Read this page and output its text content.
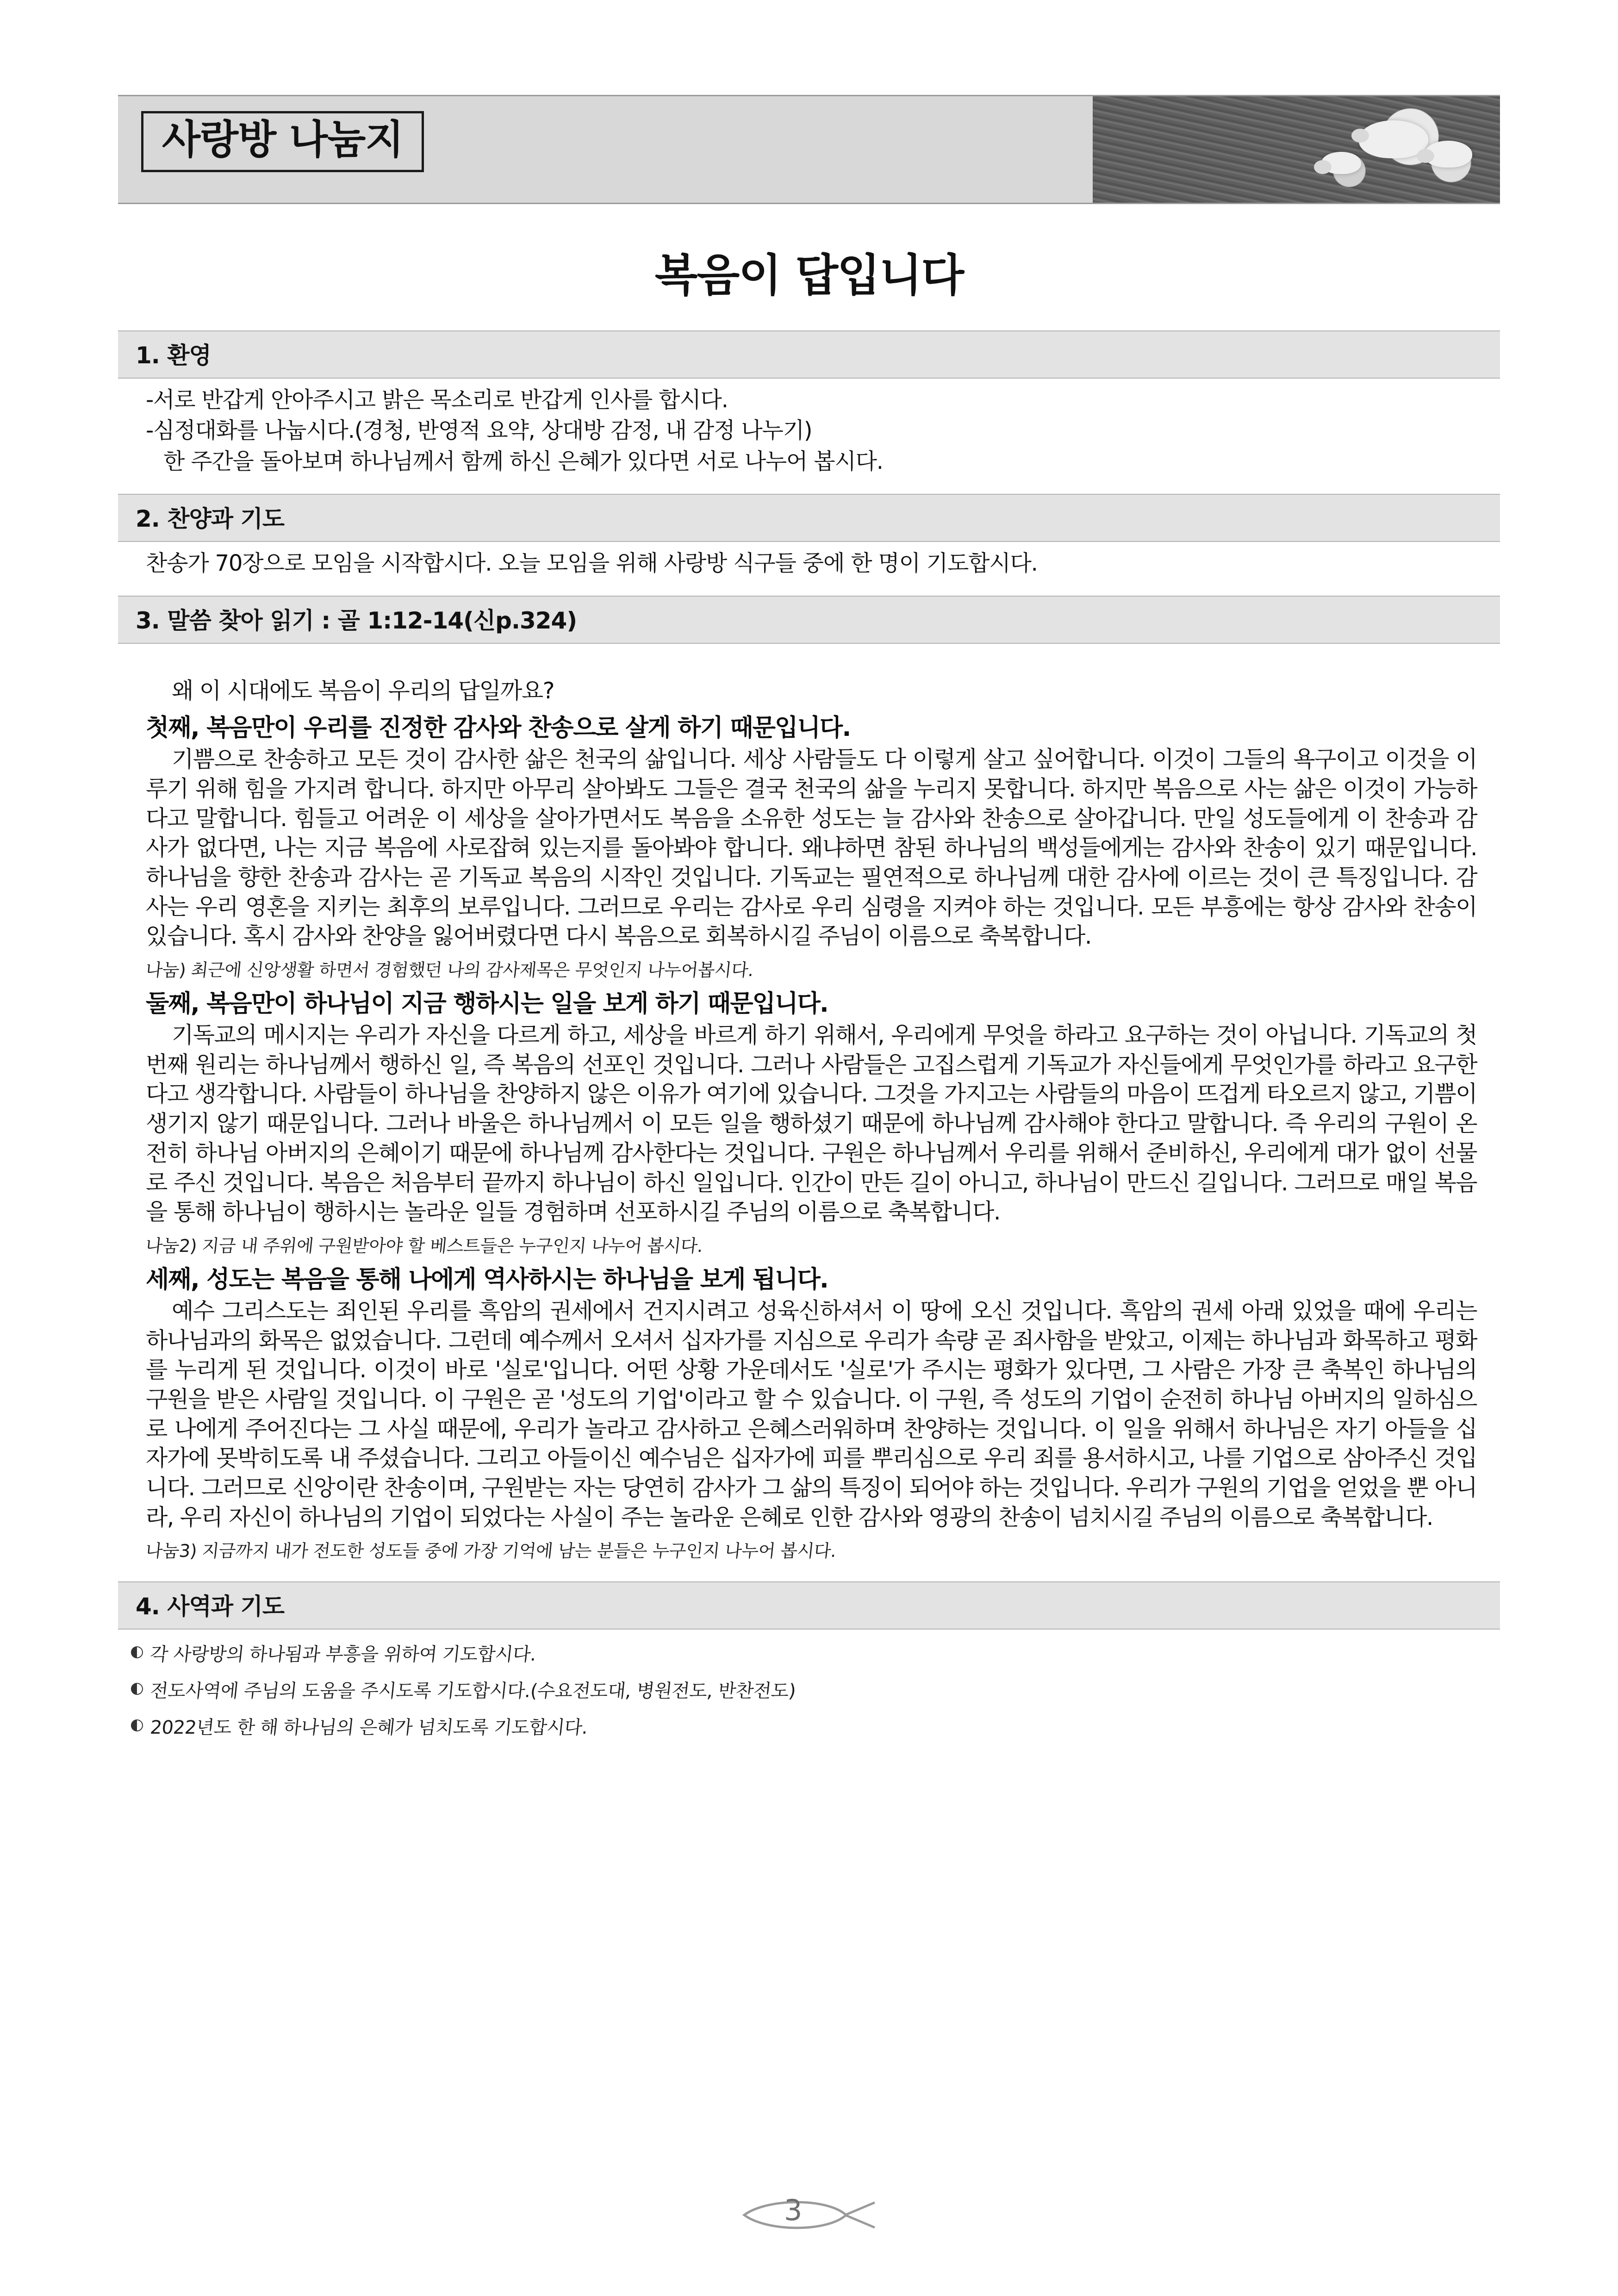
사랑방 나눔지
복음이 답입니다
1. 환영

-서로 반갑게 안아주시고 밝은 목소리로 반갑게 인사를 합시다.

-심정대화를 나눕시다.(경청, 반영적 요약, 상대방 감정, 내 감정 나누기)

한 주간을 돌아보며 하나님께서 함께 하신 은혜가 있다면 서로 나누어 봅시다.

2. 찬양과 기도

찬송가 70장으로 모임을 시작합시다. 오늘 모임을 위해 사랑방 식구들 중에 한 명이 기도합시다.

3. 말씀 찾아 읽기 : 골 1:12-14(신p.324)

왜 이 시대에도 복음이 우리의 답일까요?

첫째, 복음만이 우리를 진정한 감사와 찬송으로 살게 하기 때문입니다.

기쁨으로 찬송하고 모든 것이 감사한 삶은 천국의 삶입니다. 세상 사람들도 다 이렇게 살고 싶어합니다. 이것이 그들의 욕구이고 이것을 이루기 위해 힘을 가지려 합니다. 하지만 아무리 살아봐도 그들은 결국 천국의 삶을 누리지 못합니다. 하지만 복음으로 사는 삶은 이것이 가능하다고 말합니다. 힘들고 어려운 이 세상을 살아가면서도 복음을 소유한 성도는 늘 감사와 찬송으로 살아갑니다. 만일 성도들에게 이 찬송과 감사가 없다면, 나는 지금 복음에 사로잡혀 있는지를 돌아봐야 합니다. 왜냐하면 참된 하나님의 백성들에게는 감사와 찬송이 있기 때문입니다. 하나님을 향한 찬송과 감사는 곧 기독교 복음의 시작인 것입니다. 기독교는 필연적으로 하나님께 대한 감사에 이르는 것이 큰 특징입니다. 감사는 우리 영혼을 지키는 최후의 보루입니다. 그러므로 우리는 감사로 우리 심령을 지켜야 하는 것입니다. 모든 부흥에는 항상 감사와 찬송이 있습니다. 혹시 감사와 찬양을 잃어버렸다면 다시 복음으로 회복하시길 주님이 이름으로 축복합니다.

나눔) 최근에 신앙생활 하면서 경험했던 나의 감사제목은 무엇인지 나누어봅시다.

둘째, 복음만이 하나님이 지금 행하시는 일을 보게 하기 때문입니다.

기독교의 메시지는 우리가 자신을 다르게 하고, 세상을 바르게 하기 위해서, 우리에게 무엇을 하라고 요구하는 것이 아닙니다. 기독교의 첫 번째 원리는 하나님께서 행하신 일, 즉 복음의 선포인 것입니다. 그러나 사람들은 고집스럽게 기독교가 자신들에게 무엇인가를 하라고 요구한다고 생각합니다. 사람들이 하나님을 찬양하지 않은 이유가 여기에 있습니다. 그것을 가지고는 사람들의 마음이 뜨겁게 타오르지 않고, 기쁨이 생기지 않기 때문입니다. 그러나 바울은 하나님께서 이 모든 일을 행하셨기 때문에 하나님께 감사해야 한다고 말합니다. 즉 우리의 구원이 온전히 하나님 아버지의 은혜이기 때문에 하나님께 감사한다는 것입니다. 구원은 하나님께서 우리를 위해서 준비하신, 우리에게 대가 없이 선물로 주신 것입니다. 복음은 처음부터 끝까지 하나님이 하신 일입니다. 인간이 만든 길이 아니고, 하나님이 만드신 길입니다. 그러므로 매일 복음을 통해 하나님이 행하시는 놀라운 일들 경험하며 선포하시길 주님의 이름으로 축복합니다.

나눔2) 지금 내 주위에 구원받아야 할 베스트들은 누구인지 나누어 봅시다.

세째, 성도는 복음을 통해 나에게 역사하시는 하나님을 보게 됩니다.

예수 그리스도는 죄인된 우리를 흑암의 권세에서 건지시려고 성육신하셔서 이 땅에 오신 것입니다. 흑암의 권세 아래 있었을 때에 우리는 하나님과의 화목은 없었습니다. 그런데 예수께서 오셔서 십자가를 지심으로 우리가 속량 곧 죄사함을 받았고, 이제는 하나님과 화목하고 평화를 누리게 된 것입니다. 이것이 바로 '실로'입니다. 어떤 상황 가운데서도 '실로'가 주시는 평화가 있다면, 그 사람은 가장 큰 축복인 하나님의 구원을 받은 사람일 것입니다. 이 구원은 곧 '성도의 기업'이라고 할 수 있습니다. 이 구원, 즉 성도의 기업이 순전히 하나님 아버지의 일하심으로 나에게 주어진다는 그 사실 때문에, 우리가 놀라고 감사하고 은혜스러워하며 찬양하는 것입니다. 이 일을 위해서 하나님은 자기 아들을 십자가에 못박히도록 내 주셨습니다. 그리고 아들이신 예수님은 십자가에 피를 뿌리심으로 우리 죄를 용서하시고, 나를 기업으로 삼아주신 것입니다. 그러므로 신앙이란 찬송이며, 구원받는 자는 당연히 감사가 그 삶의 특징이 되어야 하는 것입니다. 우리가 구원의 기업을 얻었을 뿐 아니라, 우리 자신이 하나님의 기업이 되었다는 사실이 주는 놀라운 은혜로 인한 감사와 영광의 찬송이 넘치시길 주님의 이름으로 축복합니다.

나눔3) 지금까지 내가 전도한 성도들 중에 가장 기억에 남는 분들은 누구인지 나누어 봅시다.

4. 사역과 기도
◐ 각 사랑방의 하나됨과 부흥을 위하여 기도합시다.
◐ 전도사역에 주님의 도움을 주시도록 기도합시다.(수요전도대, 병원전도, 반찬전도)
◐ 2022년도 한 해 하나님의 은혜가 넘치도록 기도합시다.
3
